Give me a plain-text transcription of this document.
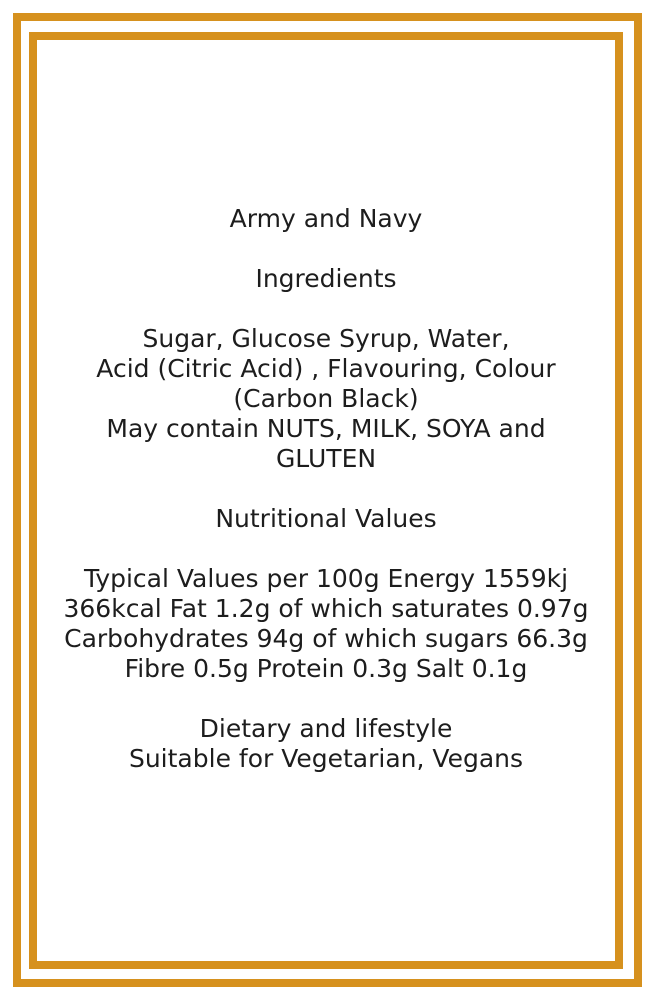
Army and Navy
Ingredients
Sugar, Glucose Syrup, Water,
Acid (Citric Acid) , Flavouring, Colour
(Carbon Black)
May contain NUTS, MILK, SOYA and
GLUTEN
Nutritional Values
Typical Values per 100g Energy 1559kj
366kcal Fat 1.2g of which saturates 0.97g
Carbohydrates 94g of which sugars 66.3g
Fibre 0.5g Protein 0.3g Salt 0.1g
Dietary and lifestyle
Suitable for Vegetarian, Vegans
